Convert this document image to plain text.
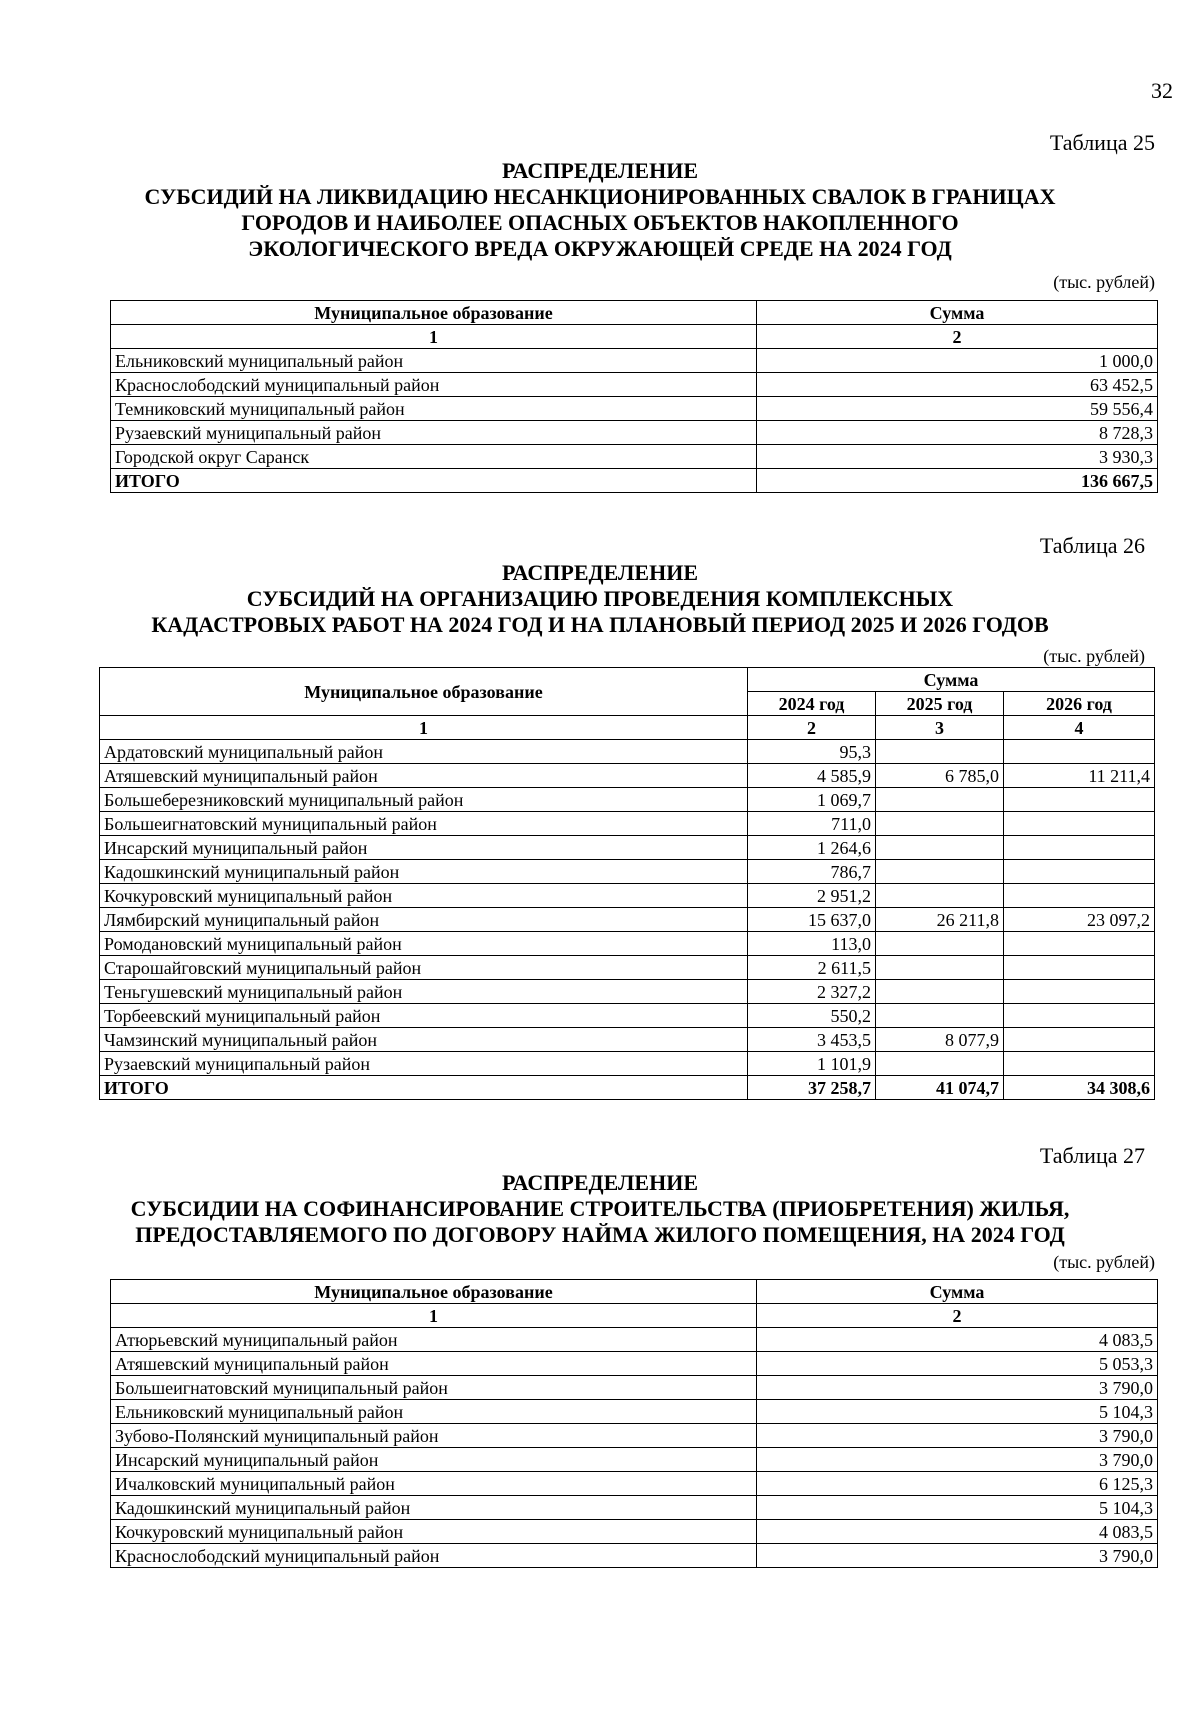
32
Таблица 25
РАСПРЕДЕЛЕНИЕ
СУБСИДИЙ НА ЛИКВИДАЦИЮ НЕСАНКЦИОНИРОВАННЫХ СВАЛОК В ГРАНИЦАХ
ГОРОДОВ И НАИБОЛЕЕ ОПАСНЫХ ОБЪЕКТОВ НАКОПЛЕННОГО
ЭКОЛОГИЧЕСКОГО ВРЕДА ОКРУЖАЮЩЕЙ СРЕДЕ НА 2024 ГОД
(тыс. рублей)
Муниципальное образование	Сумма
1	2
Ельниковский муниципальный район	1 000,0
Краснослободский муниципальный район	63 452,5
Темниковский муниципальный район	59 556,4
Рузаевский муниципальный район	8 728,3
Городской округ Саранск	3 930,3
ИТОГО	136 667,5
Таблица 26
РАСПРЕДЕЛЕНИЕ
СУБСИДИЙ НА ОРГАНИЗАЦИЮ ПРОВЕДЕНИЯ КОМПЛЕКСНЫХ
КАДАСТРОВЫХ РАБОТ НА 2024 ГОД И НА ПЛАНОВЫЙ ПЕРИОД 2025 И 2026 ГОДОВ
(тыс. рублей)
Муниципальное образование	Сумма		
	2024 год	2025 год	2026 год
1	2	3	4
Ардатовский муниципальный район	95,3		
Атяшевский муниципальный район	4 585,9	6 785,0	11 211,4
Большеберезниковский муниципальный район	1 069,7		
Большеигнатовский муниципальный район	711,0		
Инсарский муниципальный район	1 264,6		
Кадошкинский муниципальный район	786,7		
Кочкуровский муниципальный район	2 951,2		
Лямбирский муниципальный район	15 637,0	26 211,8	23 097,2
Ромодановский муниципальный район	113,0		
Старошайговский муниципальный район	2 611,5		
Теньгушевский муниципальный район	2 327,2		
Торбеевский муниципальный район	550,2		
Чамзинский муниципальный район	3 453,5	8 077,9	
Рузаевский муниципальный район	1 101,9		
ИТОГО	37 258,7	41 074,7	34 308,6
Таблица 27
РАСПРЕДЕЛЕНИЕ
СУБСИДИИ НА СОФИНАНСИРОВАНИЕ СТРОИТЕЛЬСТВА (ПРИОБРЕТЕНИЯ) ЖИЛЬЯ,
ПРЕДОСТАВЛЯЕМОГО ПО ДОГОВОРУ НАЙМА ЖИЛОГО ПОМЕЩЕНИЯ, НА 2024 ГОД
(тыс. рублей)
Муниципальное образование	Сумма
1	2
Атюрьевский муниципальный район	4 083,5
Атяшевский муниципальный район	5 053,3
Большеигнатовский муниципальный район	3 790,0
Ельниковский муниципальный район	5 104,3
Зубово-Полянский муниципальный район	3 790,0
Инсарский муниципальный район	3 790,0
Ичалковский муниципальный район	6 125,3
Кадошкинский муниципальный район	5 104,3
Кочкуровский муниципальный район	4 083,5
Краснослободский муниципальный район	3 790,0
